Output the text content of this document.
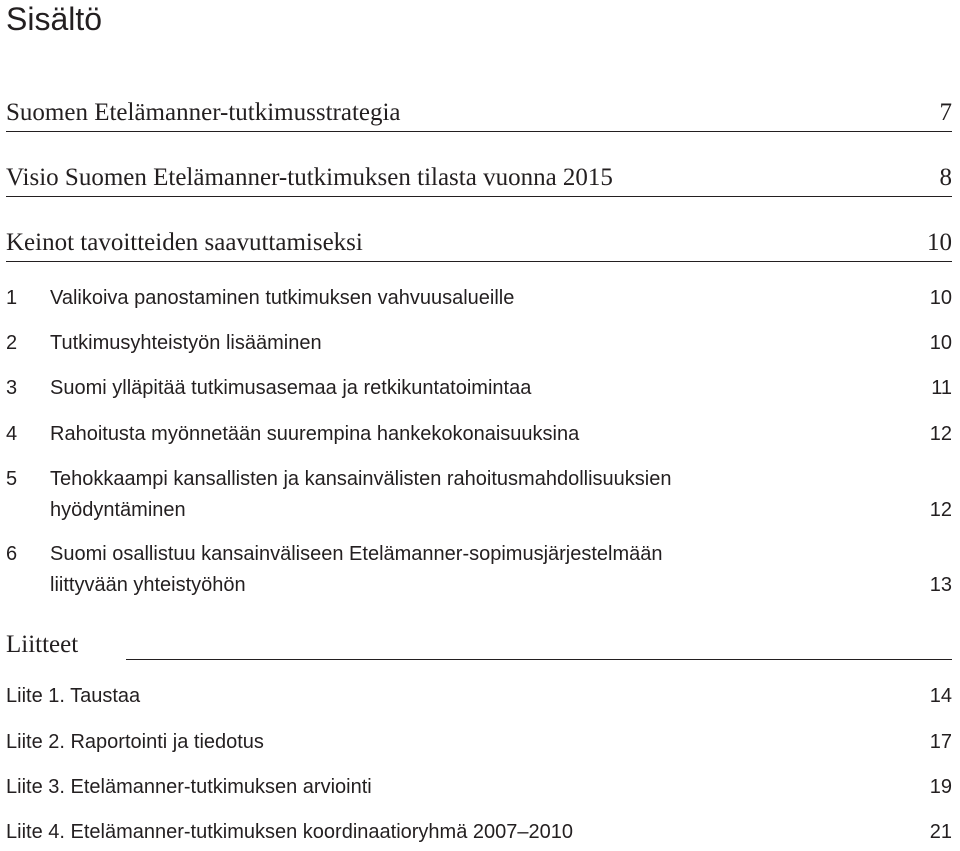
Sisältö
Suomen Etelämanner-tutkimusstrategia	7
Visio Suomen Etelämanner-tutkimuksen tilasta vuonna 2015	8
Keinot tavoitteiden saavuttamiseksi	10
1 Valikoiva panostaminen tutkimuksen vahvuusalueille	10
2 Tutkimusyhteistyön lisääminen	10
3 Suomi ylläpitää tutkimusasemaa ja retkikuntatoimintaa	11
4 Rahoitusta myönnetään suurempina hankekokonaisuuksina	12
5 Tehokkaampi kansallisten ja kansainvälisten rahoitusmahdollisuuksien
hyödyntäminen	12
6 Suomi osallistuu kansainväliseen Etelämanner-sopimusjärjestelmään
liittyvään yhteistyöhön	13
Liitteet
Liite 1. Taustaa	14
Liite 2. Raportointi ja tiedotus	17
Liite 3. Etelämanner-tutkimuksen arviointi	19
Liite 4. Etelämanner-tutkimuksen koordinaatioryhmä 2007–2010	21
